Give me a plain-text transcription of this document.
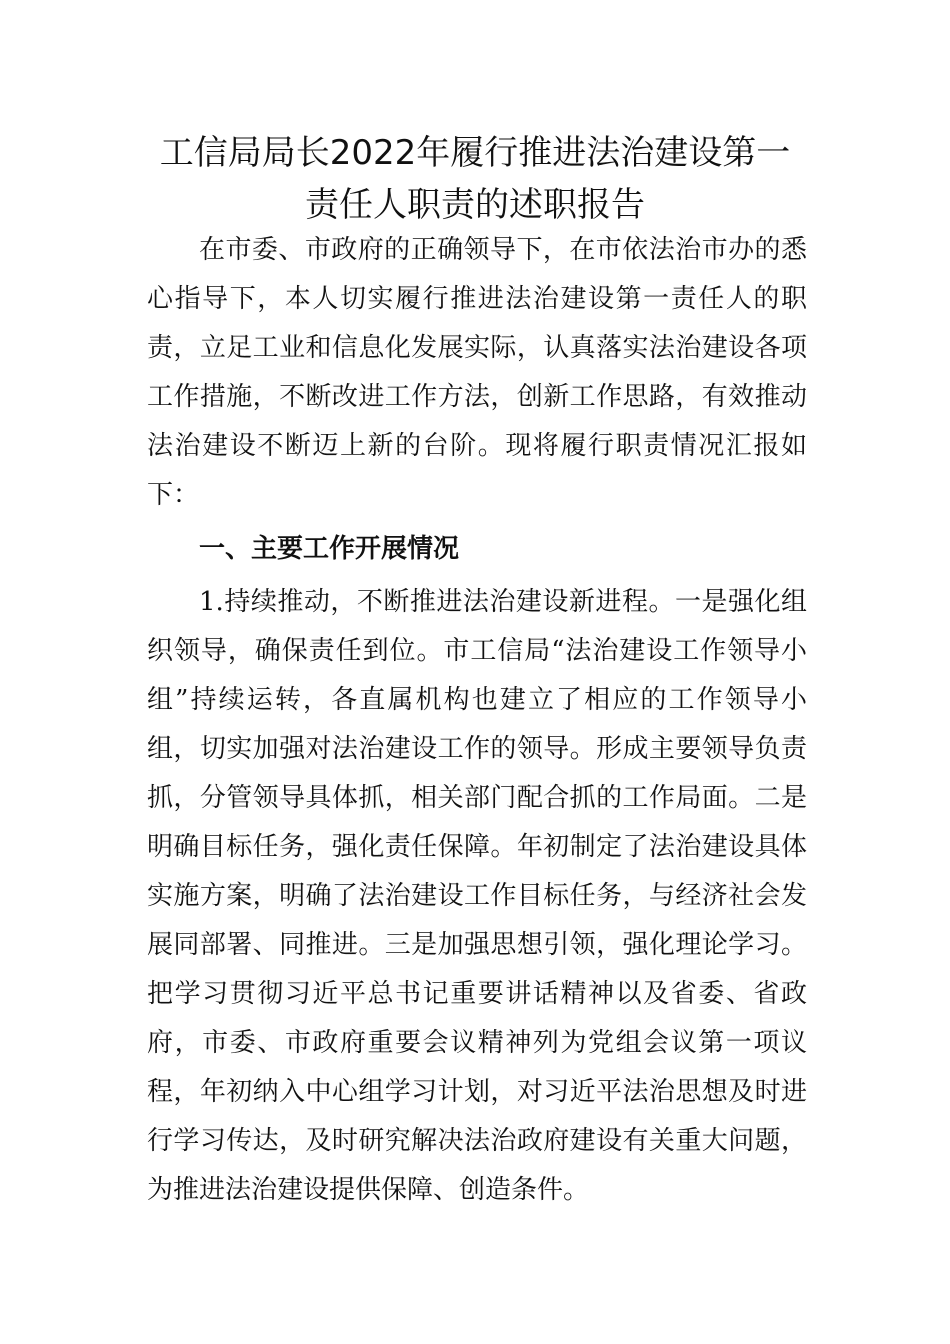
工信局局长2022年履行推进法治建设第一
责任人职责的述职报告
在市委、市政府的正确领导下，在市依法治市办的悉
心指导下，本人切实履行推进法治建设第一责任人的职
责，立足工业和信息化发展实际，认真落实法治建设各项
工作措施，不断改进工作方法，创新工作思路，有效推动
法治建设不断迈上新的台阶。现将履行职责情况汇报如
下：
一、主要工作开展情况
1.持续推动，不断推进法治建设新进程。一是强化组
织领导，确保责任到位。市工信局“法治建设工作领导小
组”持续运转，各直属机构也建立了相应的工作领导小
组，切实加强对法治建设工作的领导。形成主要领导负责
抓，分管领导具体抓，相关部门配合抓的工作局面。二是
明确目标任务，强化责任保障。年初制定了法治建设具体
实施方案，明确了法治建设工作目标任务，与经济社会发
展同部署、同推进。三是加强思想引领，强化理论学习。
把学习贯彻习近平总书记重要讲话精神以及省委、省政
府，市委、市政府重要会议精神列为党组会议第一项议
程，年初纳入中心组学习计划，对习近平法治思想及时进
行学习传达，及时研究解决法治政府建设有关重大问题，
为推进法治建设提供保障、创造条件。
